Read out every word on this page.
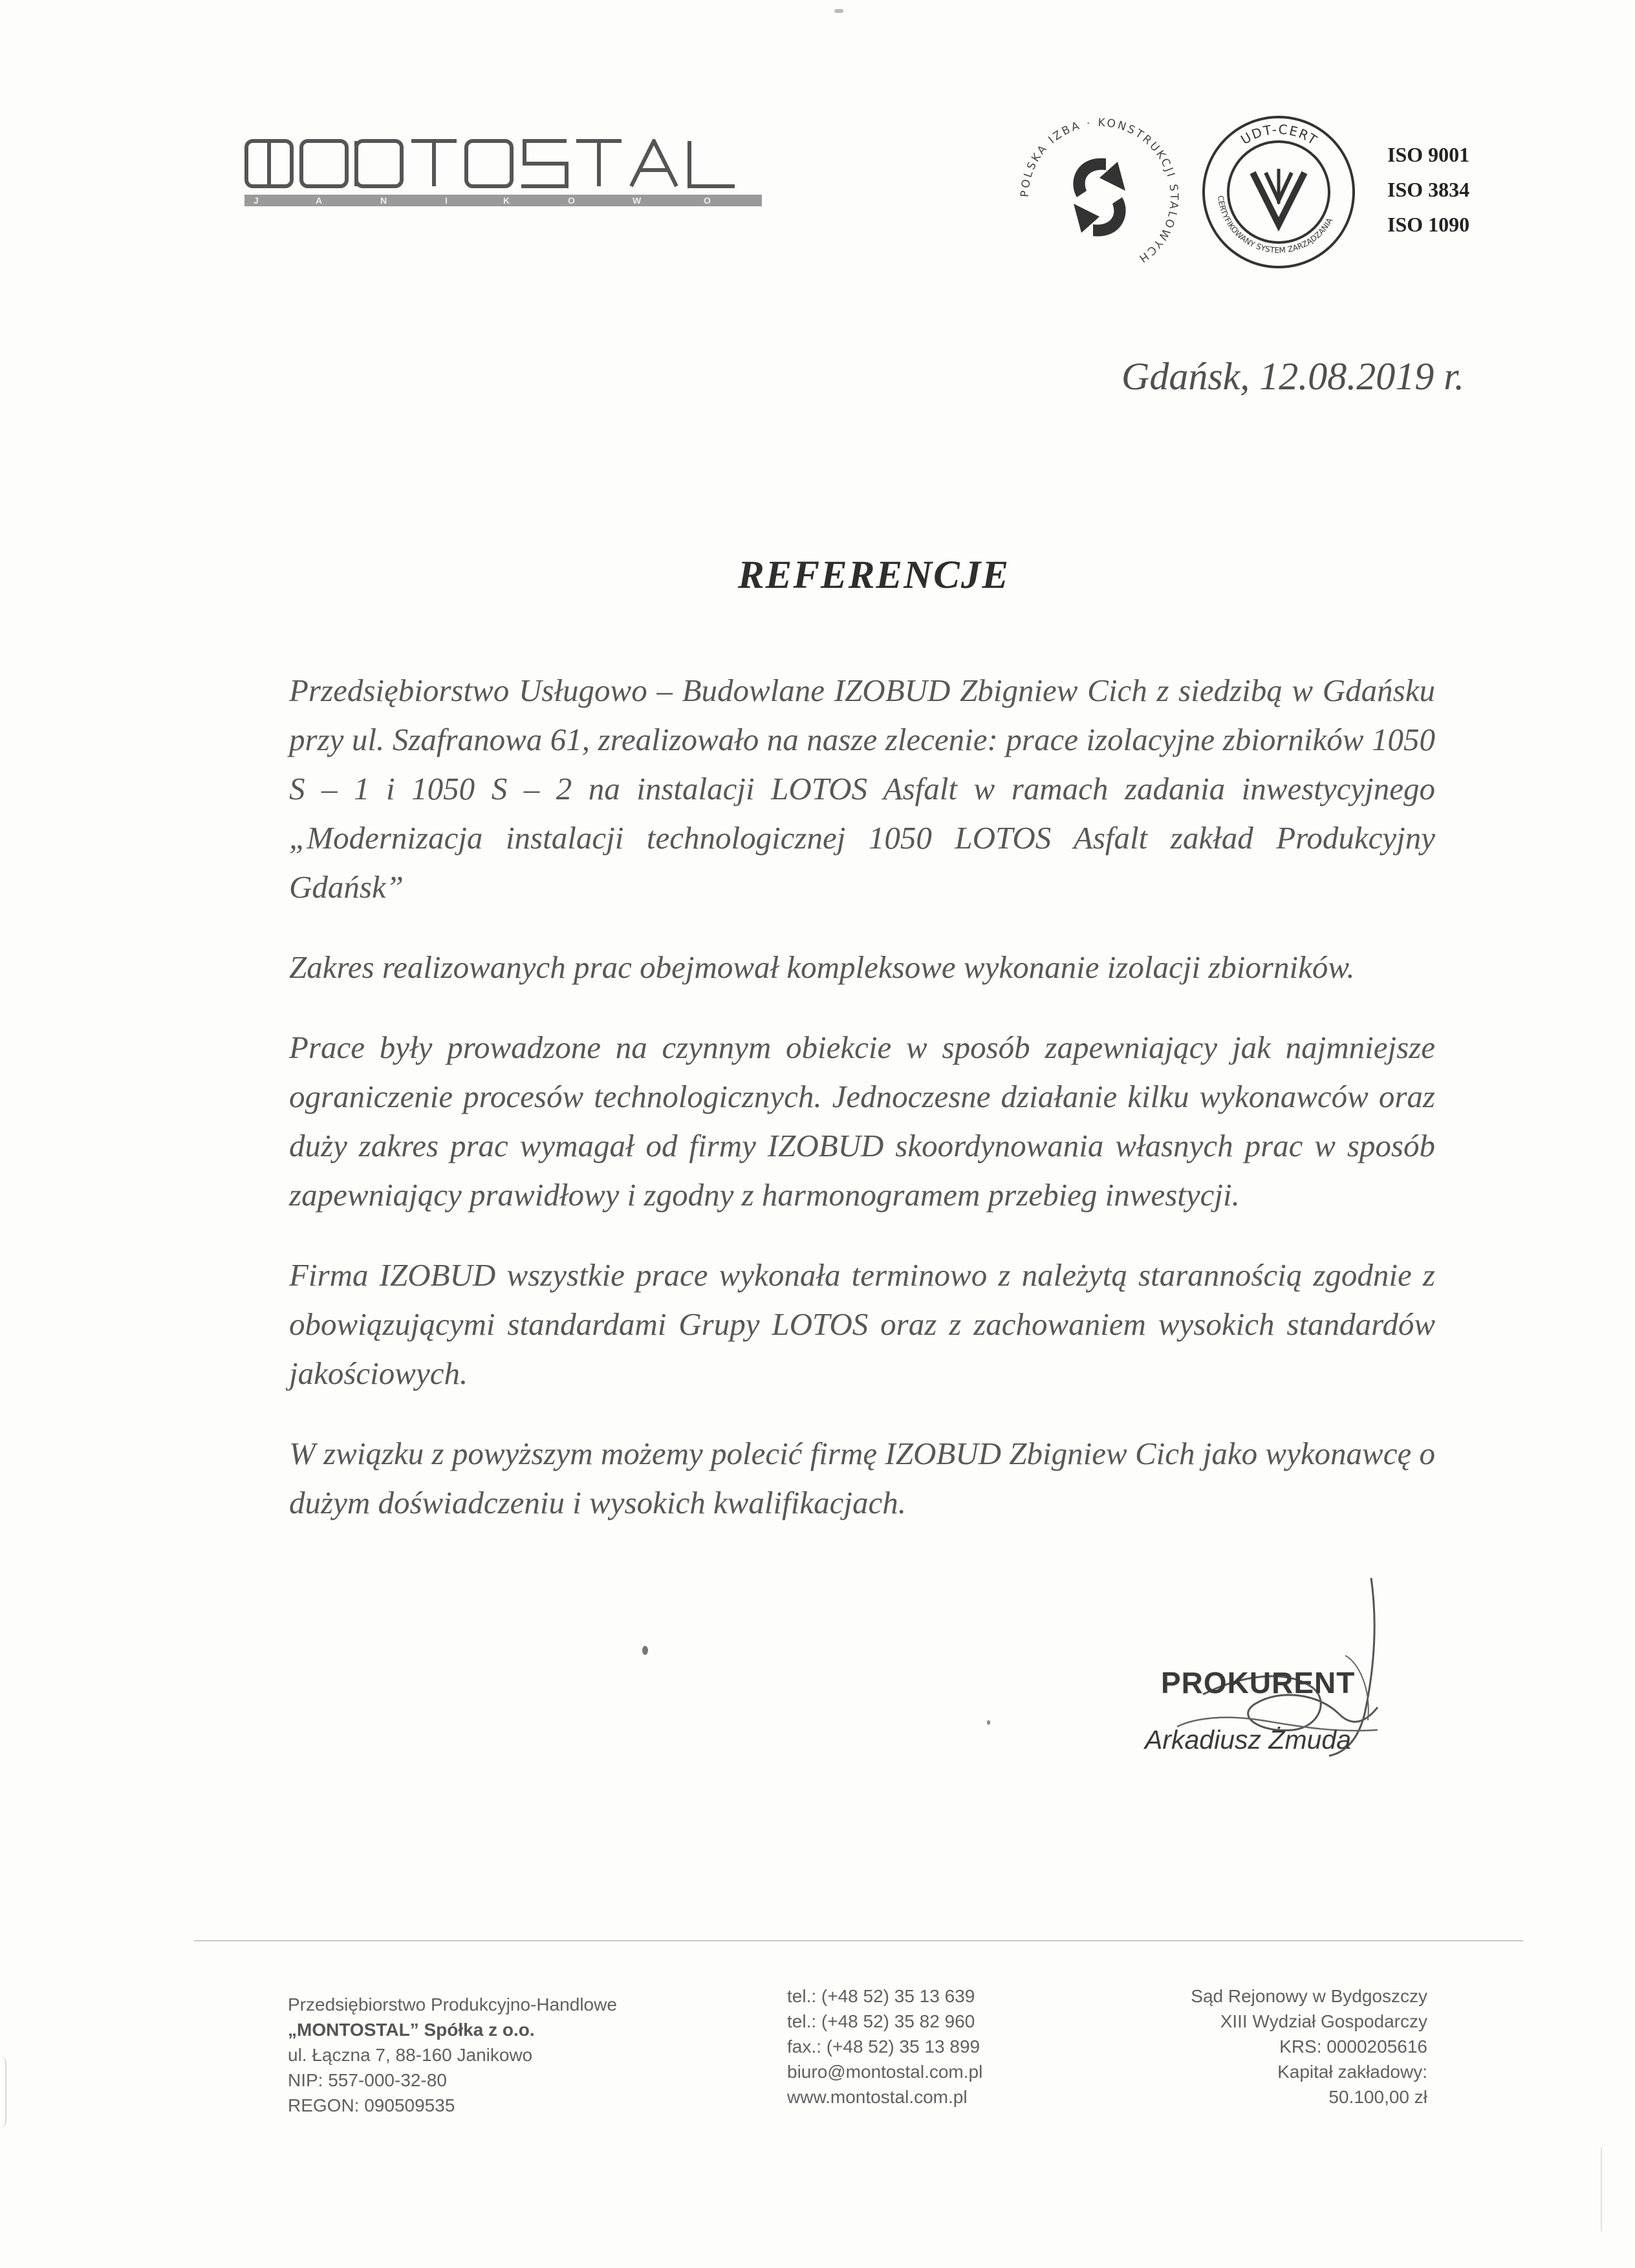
J	A	N	I	K	O	W	O
POLSKA IZBA · KONSTRUKCJI STALOWYCH
UDT-CERT
CERTYFIKOWANY SYSTEM ZARZĄDZANIA
ISO 9001
ISO 3834
ISO 1090
Gdańsk, 12.08.2019 r.
REFERENCJE

Przedsiębiorstwo Usługowo – Budowlane IZOBUD Zbigniew Cich z siedzibą w Gdańsku przy ul. Szafranowa 61, zrealizowało na nasze zlecenie: prace izolacyjne zbiorników 1050 S – 1 i 1050 S – 2 na instalacji LOTOS Asfalt w ramach zadania inwestycyjnego „Modernizacja instalacji technologicznej 1050 LOTOS Asfalt zakład Produkcyjny Gdańsk”

Zakres realizowanych prac obejmował kompleksowe wykonanie izolacji zbiorników.

Prace były prowadzone na czynnym obiekcie w sposób zapewniający jak najmniejsze ograniczenie procesów technologicznych. Jednoczesne działanie kilku wykonawców oraz duży zakres prac wymagał od firmy IZOBUD skoordynowania własnych prac w sposób zapewniający prawidłowy i zgodny z harmonogramem przebieg inwestycji.

Firma IZOBUD wszystkie prace wykonała terminowo z należytą starannością zgodnie z obowiązującymi standardami Grupy LOTOS oraz z zachowaniem wysokich standardów jakościowych.

W związku z powyższym możemy polecić firmę IZOBUD Zbigniew Cich jako wykonawcę o dużym doświadczeniu i wysokich kwalifikacjach.

PROKURENT
Arkadiusz Żmuda
Przedsiębiorstwo Produkcyjno-Handlowe
„MONTOSTAL” Spółka z o.o.
ul. Łączna 7, 88-160 Janikowo
NIP: 557-000-32-80
REGON: 090509535
tel.: (+48 52) 35 13 639
tel.: (+48 52) 35 82 960
fax.: (+48 52) 35 13 899
biuro@montostal.com.pl
www.montostal.com.pl
Sąd Rejonowy w Bydgoszczy
XIII Wydział Gospodarczy
KRS: 0000205616
Kapitał zakładowy:
50.100,00 zł
